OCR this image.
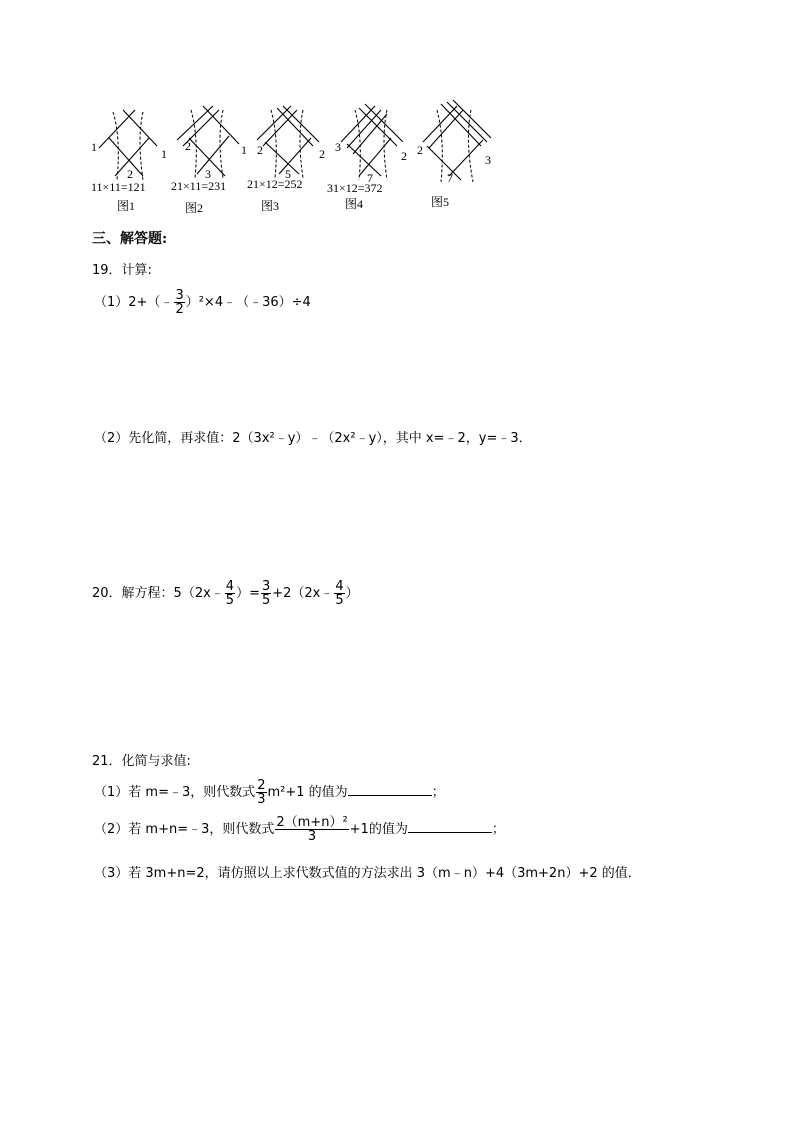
1	1
2
11×11=121
图1
2	1
3
21×11=231
图2
2	2
5
21×12=252
图3
3
2
7
31×12=372
图4
2
3
7
图5
三、解答题:
19．计算:
（1）2+（﹣ $\frac{3}{2}$ ）²×4﹣（﹣36）÷4
（2）先化简，再求值：2（3x²﹣y）﹣（2x²﹣y），其中 x=﹣2，y=﹣3．
20．解方程：5（2x﹣ $\frac{4}{5}$ ）= $\frac{3}{5}$ +2（2x﹣ $\frac{4}{5}$ ）
21．化简与求值:
（1）若 m=﹣3，则代数式 $\frac{2}{3} m^2+1$ 的值为	；
（2）若 m+n=﹣3，则代数式 $\frac{\text{2（m+n）²}}{3} +1$的值为	；
（3）若 3m+n=2，请仿照以上求代数式值的方法求出 3（m﹣n）+4（3m+2n）+2 的值．
